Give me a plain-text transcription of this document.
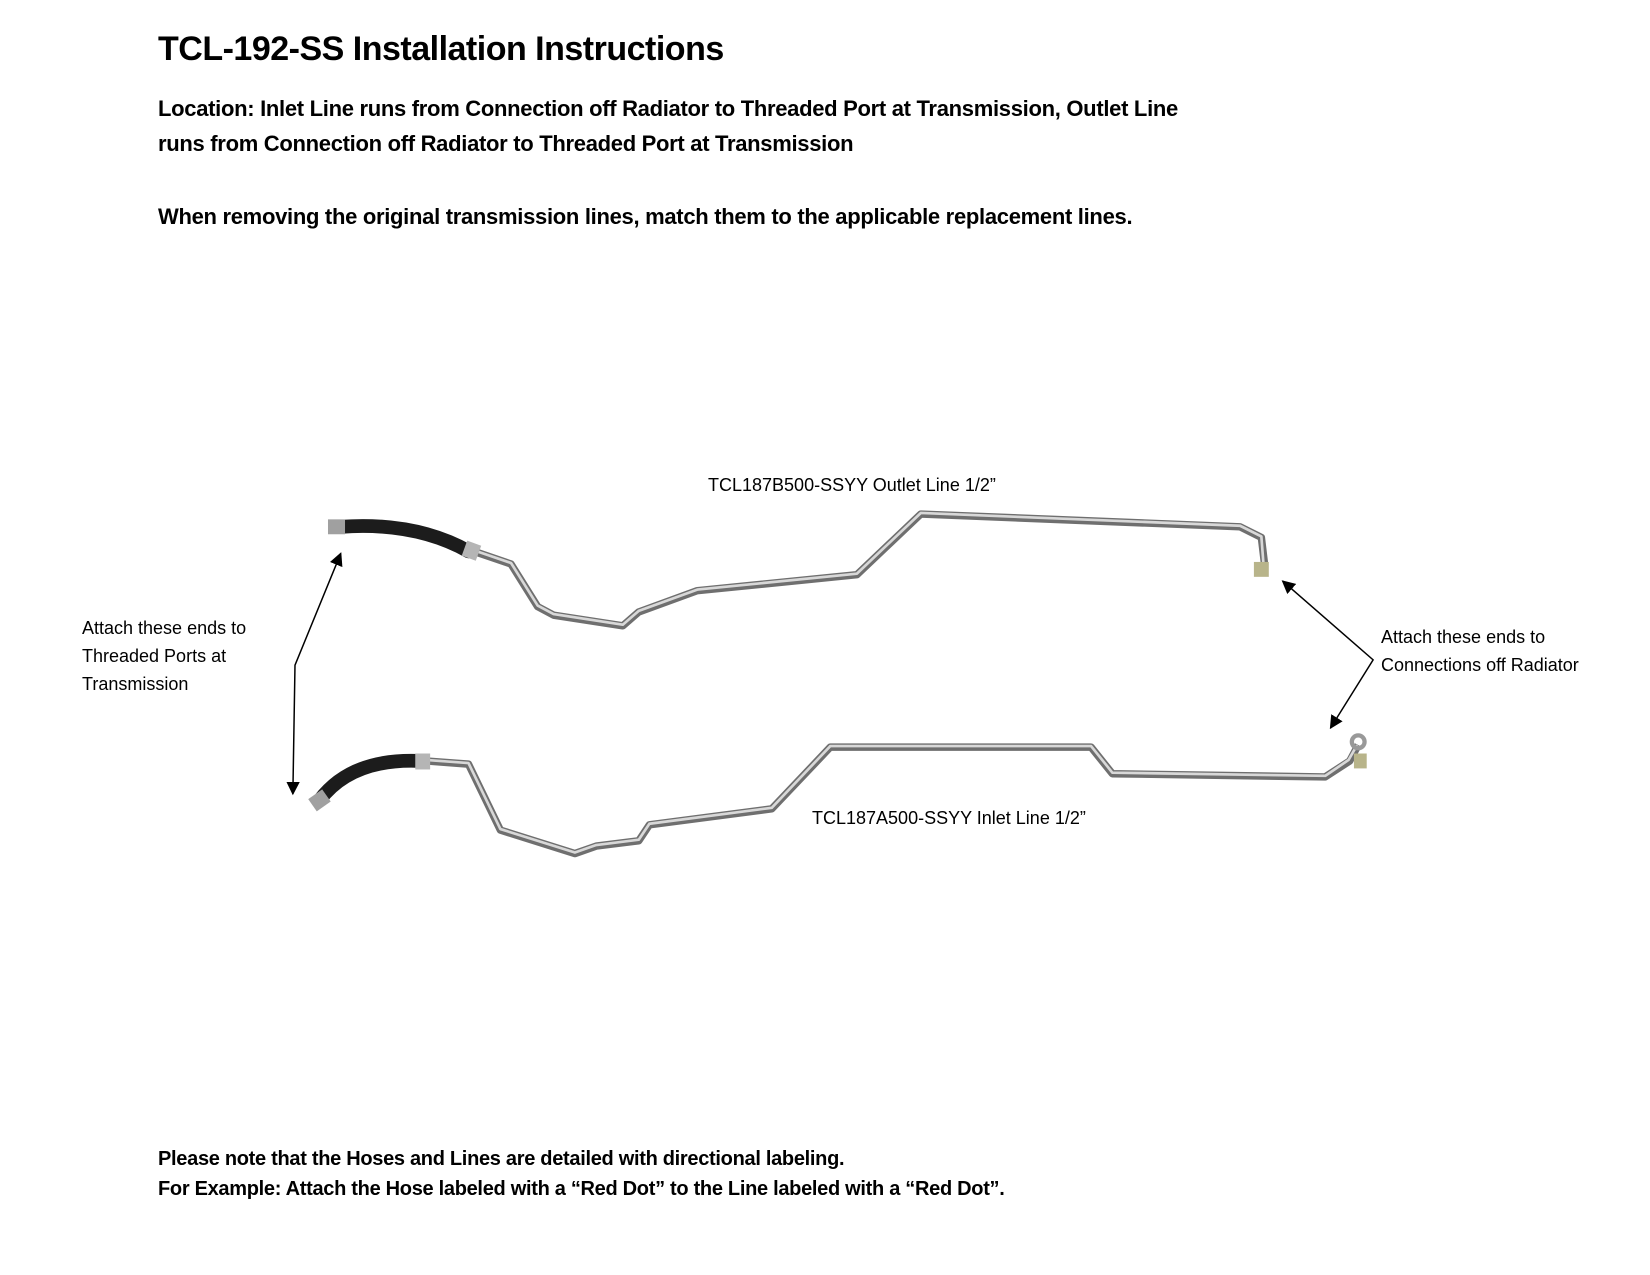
TCL-192-SS Installation Instructions
Location: Inlet Line runs from Connection off Radiator to Threaded Port at Transmission, Outlet Line
runs from Connection off Radiator to Threaded Port at Transmission
When removing the original transmission lines, match them to the applicable replacement lines.
TCL187B500-SSYY Outlet Line 1/2”
TCL187A500-SSYY Inlet Line 1/2”
Attach these ends to
Threaded Ports at
Transmission
Attach these ends to
Connections off Radiator
Please note that the Hoses and Lines are detailed with directional labeling.
For Example: Attach the Hose labeled with a “Red Dot” to the Line labeled with a “Red Dot”.
